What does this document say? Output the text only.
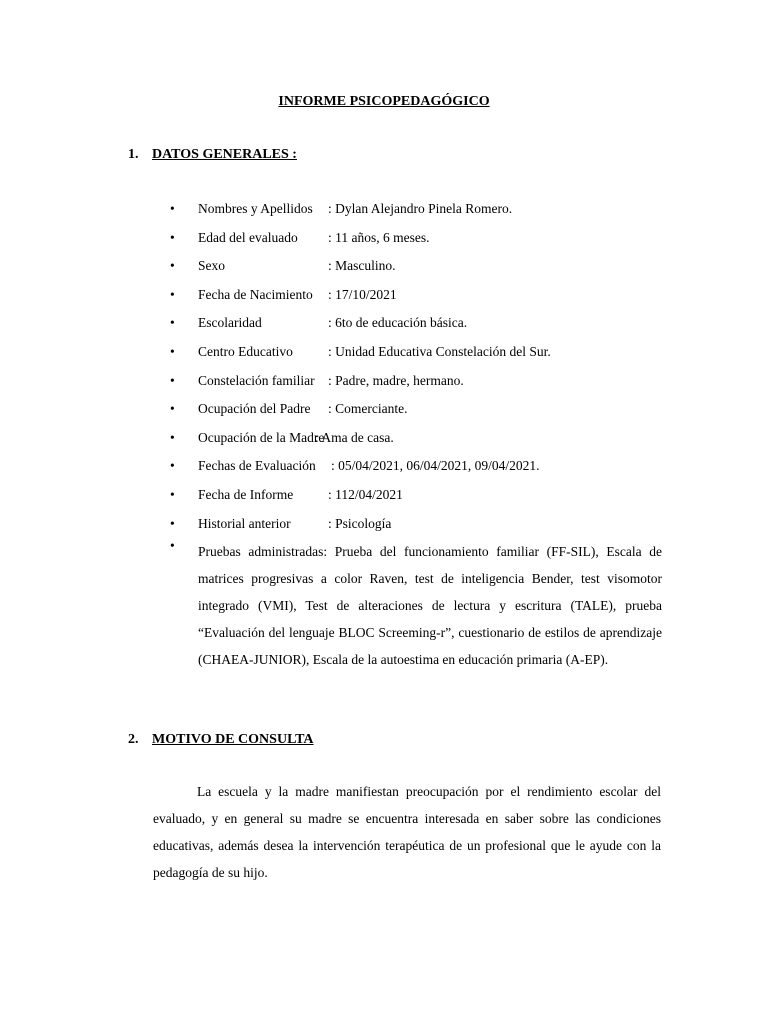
INFORME PSICOPEDAGÓGICO
1. DATOS GENERALES :
• Nombres y Apellidos : Dylan Alejandro Pinela Romero.
• Edad del evaluado : 11 años, 6 meses.
• Sexo	: Masculino.
• Fecha de Nacimiento : 17/10/2021
• Escolaridad	: 6to de educación básica.
• Centro Educativo	: Unidad Educativa Constelación del Sur.
• Constelación familiar : Padre, madre, hermano.
• Ocupación del Padre : Comerciante.
• Ocupación de la Madre
: Ama de casa.
• Fechas de Evaluación : 05/04/2021, 06/04/2021, 09/04/2021.
• Fecha de Informe	: 112/04/2021
• Historial anterior	: Psicología
• Pruebas administradas: Prueba del funcionamiento familiar (FF-SIL), Escala de matrices progresivas a color Raven, test de inteligencia Bender, test visomotor integrado (VMI), Test de alteraciones de lectura y escritura (TALE), prueba “Evaluación del lenguaje BLOC Screeming-r”, cuestionario de estilos de aprendizaje (CHAEA-JUNIOR), Escala de la autoestima en educación primaria (A-EP).

2. MOTIVO DE CONSULTA

La escuela y la madre manifiestan preocupación por el rendimiento escolar del evaluado, y en general su madre se encuentra interesada en saber sobre las condiciones educativas, además desea la intervención terapéutica de un profesional que le ayude con la pedagogía de su hijo.
